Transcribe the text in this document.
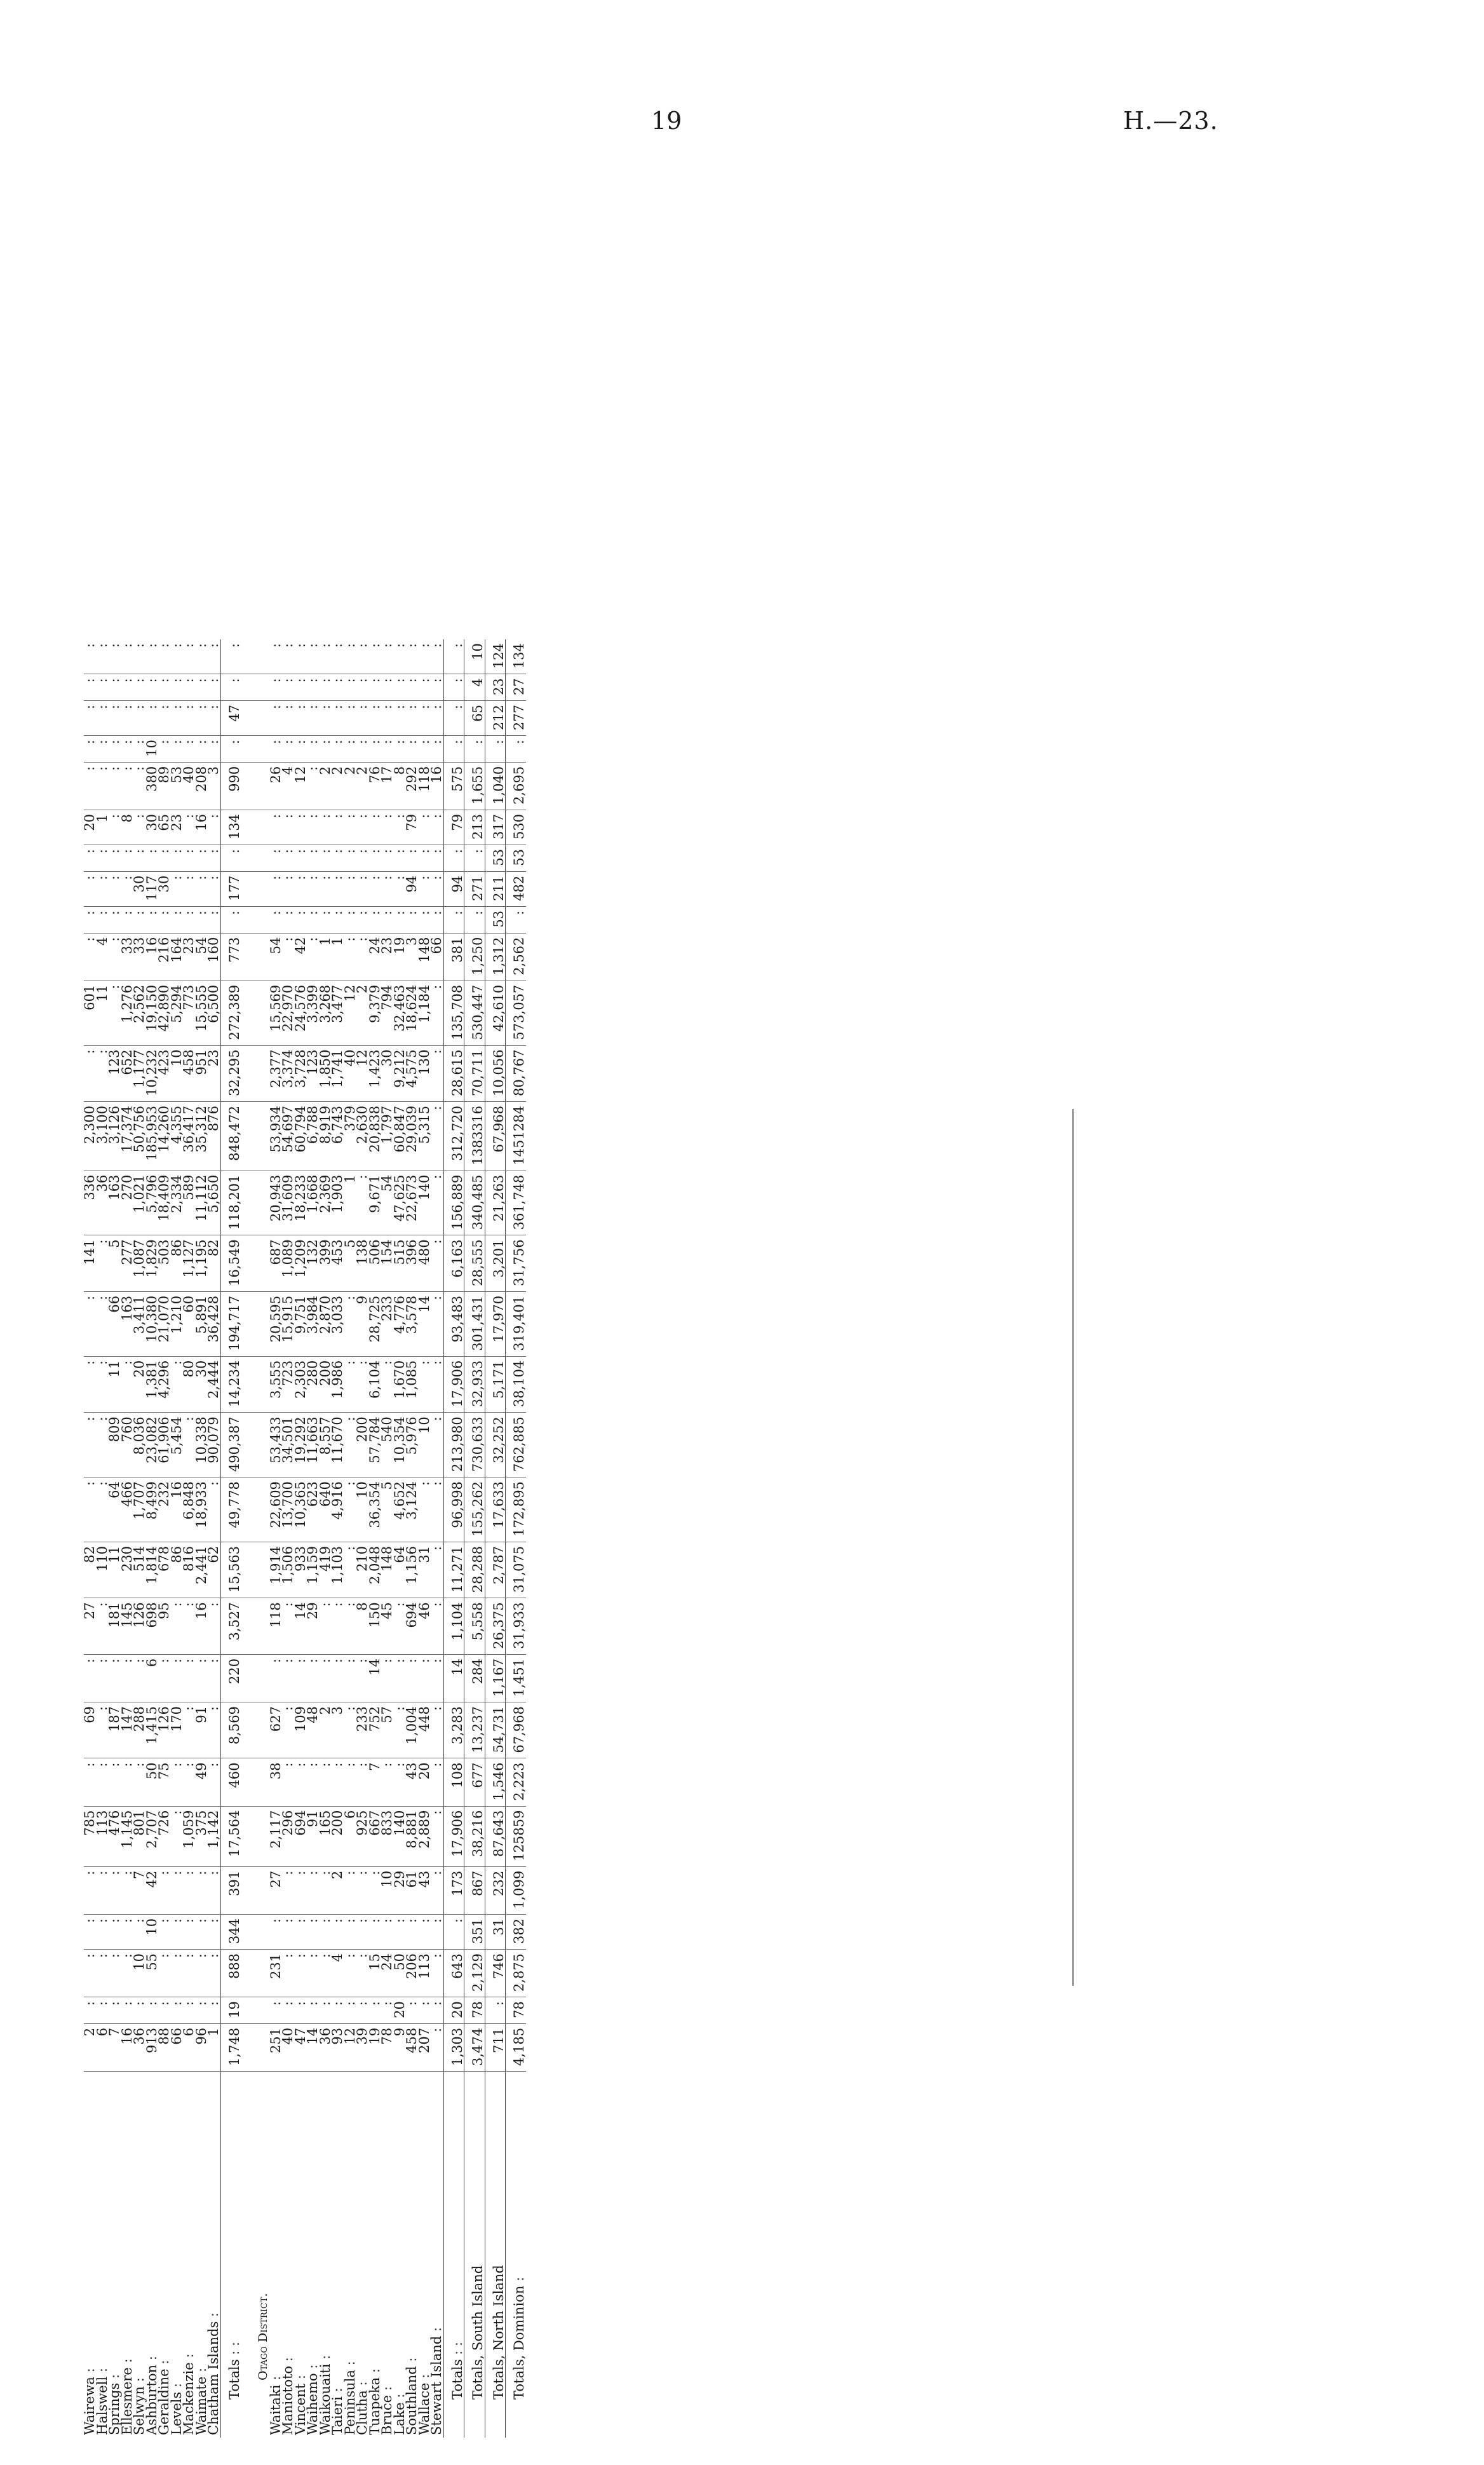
19	H.—23.
Wairewa :	2	:	:	:	:	785	:	69	:	27	82	:	:	:	:	141	336	2,300	:	601	:	:	:	:	20	:	:	:	:	:
Halswell :	6	:	:	:	:	113	:	:	:	:	110	:	:	:	:	:	36	3,100	:	11	4	:	:	:	1	:	:	:	:	:
Springs :	7	:	:	:	:	476	:	187	:	181	11	64	809	11	66	5	163	3,126	123	:	:	:	:	:	:	:	:	:	:	:
Ellesmere :	16	:	:	:	:	1,145	:	147	:	145	230	466	760	:	163	277	270	17,374	652	1,276	33	:	:	:	8	:	:	:	:	:
Selwyn :	36	:	10	:	7	801	:	288	:	126	514	1,707	8,036	20	3,411	1,087	1,021	50,756	1,177	2,562	33	:	30	:	:	:	:	:	:	:
Ashburton :	913	:	55	10	42	2,707	50	1,415	6	698	1,814	8,499	23,082	1,381	10,380	1,829	5,796	185,953	10,232	19,150	16	:	117	:	30	380	10	:	:	:
Geraldine :	88	:	:	:	:	726	75	126	:	95	678	232	61,906	4,296	21,070	503	18,409	14,260	423	42,890	216	:	30	:	65	89	:	:	:	:
Levels :	66	:	:	:	:	:	:	170	:	:	86	16	5,454	:	1,210	86	2,334	4,355	10	5,294	164	:	:	:	23	53	:	:	:	:
Mackenzie :	6	:	:	:	:	1,059	:	:	:	:	816	6,848	:	80	60	1,127	589	36,417	458	773	23	:	:	:	:	40	:	:	:	:
Waimate :	96	:	:	:	:	375	49	91	:	16	2,441	18,933	10,338	30	5,891	1,195	11,112	35,312	951	15,555	54	:	:	:	16	208	:	:	:	:
Chatham Islands :	1	:	:	:	:	1,142	:	:	:	:	62	:	90,079	2,444	36,428	82	5,650	876	23	6,500	160	:	:	:	:	3	:	:	:	:
Totals : :	1,748	19	888	344	391	17,564	460	8,569	220	3,527	15,563	49,778	490,387	14,234	194,717	16,549	118,201	848,472	32,295	272,389	773	:	177	:	134	990	:	47	:	:
Otago District.																														
Waitaki :	251	:	231	:	27	2,117	38	627	:	118	1,914	22,609	53,433	3,555	20,595	687	20,943	53,934	2,377	15,569	54	:	:	:	:	26	:	:	:	:
Maniototo :	40	:	:	:	:	296	:	:	:	:	1,506	13,700	34,501	723	15,915	1,089	31,609	54,697	3,374	22,970	:	:	:	:	:	4	:	:	:	:
Vincent :	47	:	:	:	:	694	:	109	:	14	933	10,365	19,292	2,303	9,751	1,209	18,233	60,794	3,728	24,576	42	:	:	:	:	12	:	:	:	:
Waihemo :	14	:	:	:	:	91	:	48	:	29	1,159	623	11,663	280	3,984	132	1,668	6,788	123	3,399	:	:	:	:	:	:	:	:	:	:
Waikouaiti :	36	:	:	:	:	165	:	2	:	:	419	640	8,557	200	2,870	399	2,369	8,919	1,850	3,268	1	:	:	:	:	2	:	:	:	:
Taieri :	93	:	4	:	2	200	:	3	:	:	1,103	4,916	11,670	1,986	3,033	453	1,903	6,743	1,741	3,477	1	:	:	:	:	2	:	:	:	:
Peninsula :	12	:	:	:	:	6	:	:	:	:	:	:	:	:	:	5	1	379	40	12	:	:	:	:	:	2	:	:	:	:
Clutha :	39	:	:	:	:	925	:	233	:	8	210	10	200	:	9	138	:	2,630	12	2	:	:	:	:	:	2	:	:	:	:
Tuapeka :	19	:	15	:	:	667	7	752	14	150	2,048	36,354	57,784	6,104	28,725	506	9,671	20,838	1,423	9,379	24	:	:	:	:	76	:	:	:	:
Bruce :	78	:	24	:	10	833	:	57	:	45	148	5	540	:	233	154	54	1,797	30	794	23	:	:	:	:	17	:	:	:	:
Lake :	9	20	50	:	29	140	:	:	:	:	64	4,652	10,354	1,670	4,776	515	47,625	60,847	9,212	32,463	19	:	:	:	:	8	:	:	:	:
Southland :	458	:	206	:	61	8,881	43	1,004	:	694	1,156	3,124	5,976	1,085	3,578	396	22,673	29,039	4,575	18,624	3	:	94	:	79	292	:	:	:	:
Wallace :	207	:	113	:	43	2,889	20	448	:	46	31	:	10	:	14	480	140	5,315	130	1,184	148	:	:	:	:	118	:	:	:	:
Stewart Island :	:	:	:	:	:	:	:	:	:	:	:	:	:	:	:	:	:	:	:	:	66	:	:	:	:	16	:	:	:	:
Totals : :	1,303	20	643	:	173	17,906	108	3,283	14	1,104	11,271	96,998	213,980	17,906	93,483	6,163	156,889	312,720	28,615	135,708	381	:	94	:	79	575	:	:	:	:
Totals, South Island	3,474	78	2,129	351	867	38,216	677	13,237	284	5,558	28,288	155,262	730,633	32,933	301,431	28,555	340,485	1383316	70,711	530,447	1,250	:	271	:	213	1,655	:	65	4	10
Totals, North Island	711	:	746	31	232	87,643	1,546	54,731	1,167	26,375	2,787	17,633	32,252	5,171	17,970	3,201	21,263	67,968	10,056	42,610	1,312	53	211	53	317	1,040	:	212	23	124
Totals, Dominion :	4,185	78	2,875	382	1,099	125859	2,223	67,968	1,451	31,933	31,075	172,895	762,885	38,104	319,401	31,756	361,748	1451284	80,767	573,057	2,562	:	482	53	530	2,695	:	277	27	134
